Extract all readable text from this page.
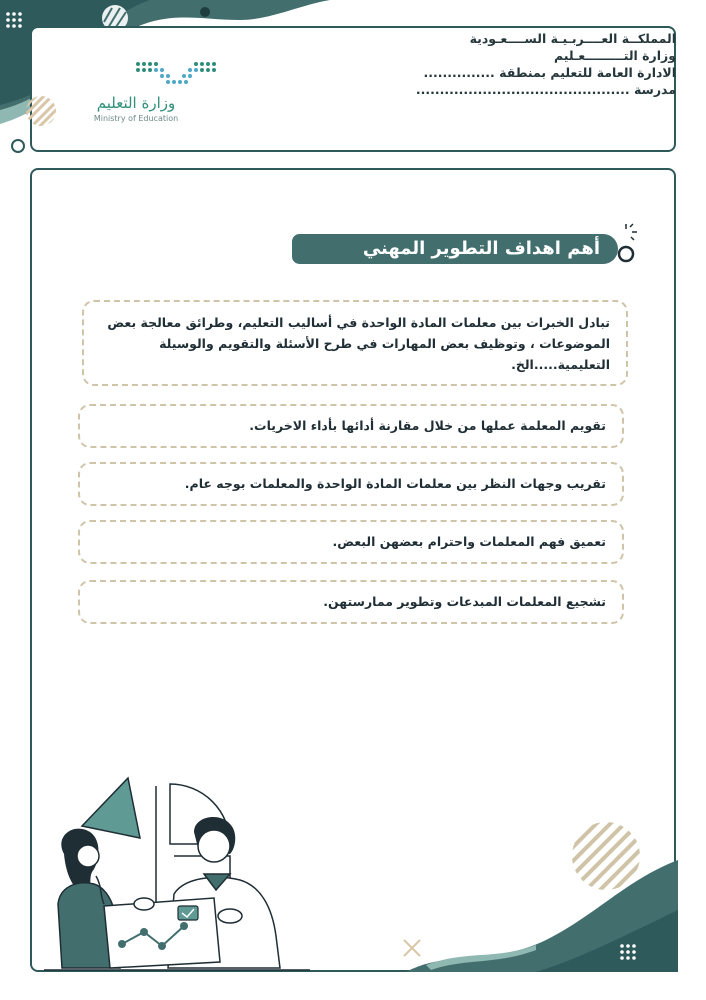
وزارة التعليم
Ministry of Education
المملكــة العــــربـيـة الســــعـودية
وزارة التـــــــــعـليم
الادارة العامة للتعليم بمنطقة ...............
مدرسة .............................................
أهم اهداف التطوير المهني
تبادل الخبرات بين معلمات المادة الواحدة في أساليب التعليم، وطرائق معالجة بعض الموضوعات ، وتوظيف بعض المهارات في طرح الأسئلة والتقويم والوسيلة التعليمية.....الخ.
تقويم المعلمة عملها من خلال مقارنة أدائها بأداء الاخريات.
تقريب وجهات النظر بين معلمات المادة الواحدة والمعلمات بوجه عام.
تعميق فهم المعلمات واحترام بعضهن البعض.
تشجيع المعلمات المبدعات وتطوير ممارستهن.
